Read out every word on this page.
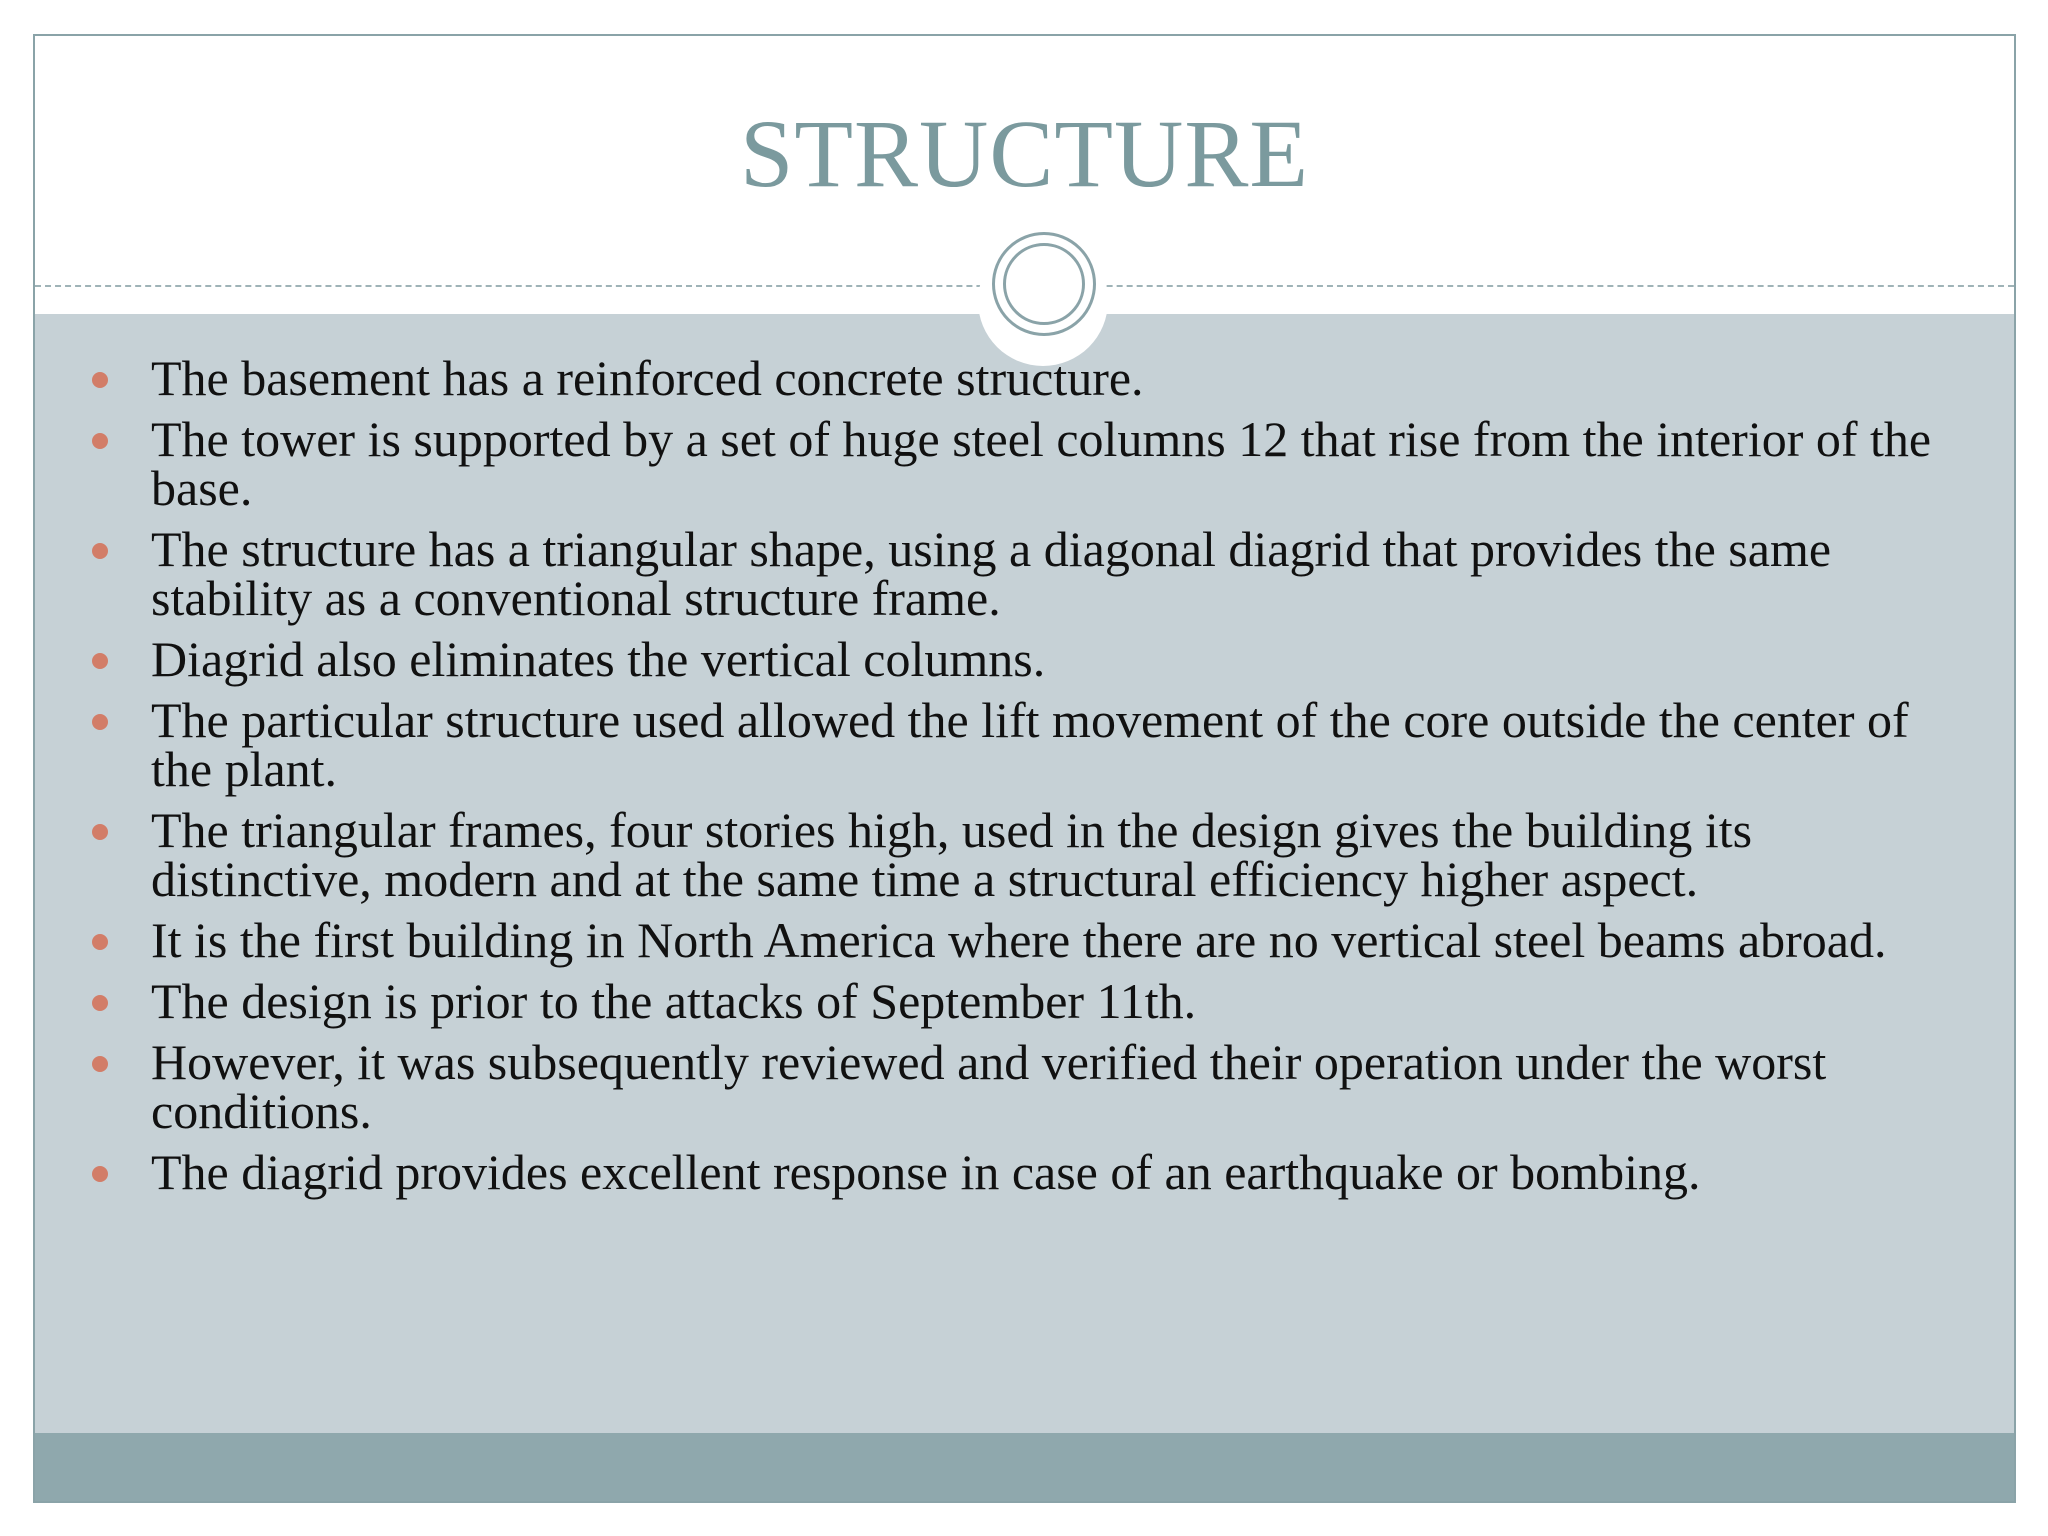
STRUCTURE
The basement has a reinforced concrete structure.
The tower is supported by a set of huge steel columns 12 that rise from the interior of the base.
The structure has a triangular shape, using a diagonal diagrid that provides the same stability as a conventional structure frame.
Diagrid also eliminates the vertical columns.
The particular structure used allowed the lift movement of the core outside the center of the plant.
The triangular frames, four stories high, used in the design gives the building its distinctive, modern and at the same time a structural efficiency higher aspect.
It is the first building in North America where there are no vertical steel beams abroad.
The design is prior to the attacks of September 11th.
However, it was subsequently reviewed and verified their operation under the worst conditions.
The diagrid provides excellent response in case of an earthquake or bombing.
